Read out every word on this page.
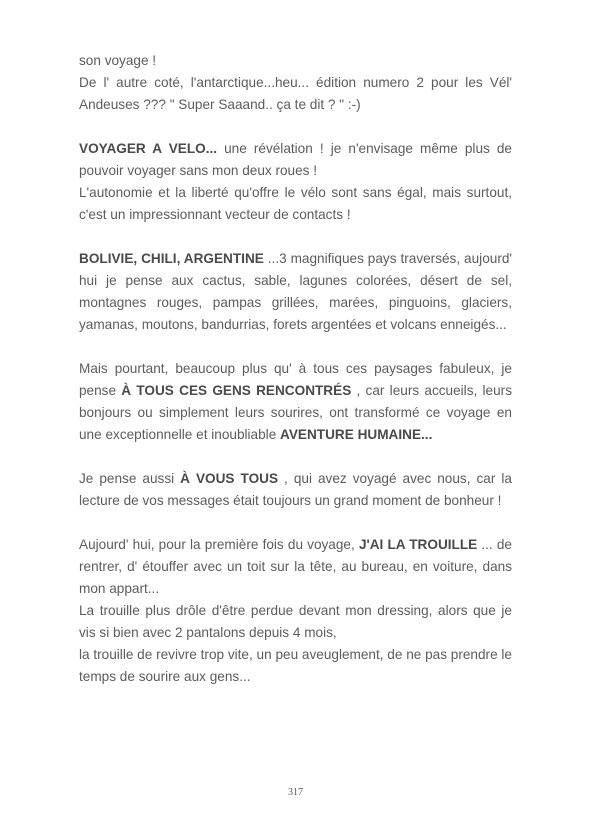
son voyage !

De l' autre coté, l'antarctique...heu... édition numero 2 pour les Vél' Andeuses ??? " Super Saaand.. ça te dit ? " :-)

VOYAGER A VELO... une révélation ! je n'envisage même plus de pouvoir voyager sans mon deux roues !

L'autonomie et la liberté qu'offre le vélo sont sans égal, mais surtout, c'est un impressionnant vecteur de contacts !

BOLIVIE, CHILI, ARGENTINE ...3 magnifiques pays traversés, aujourd' hui je pense aux cactus, sable, lagunes colorées, désert de sel, montagnes rouges, pampas grillées, marées, pinguoins, glaciers, yamanas, moutons, bandurrias, forets argentées et volcans enneigés...

Mais pourtant, beaucoup plus qu' à tous ces paysages fabuleux, je pense À TOUS CES GENS RENCONTRÉS , car leurs accueils, leurs bonjours ou simplement leurs sourires, ont transformé ce voyage en une exceptionnelle et inoubliable AVENTURE HUMAINE...

Je pense aussi À VOUS TOUS , qui avez voyagé avec nous, car la lecture de vos messages était toujours un grand moment de bonheur !

Aujourd' hui, pour la première fois du voyage, J'AI LA TROUILLE ... de rentrer, d' étouffer avec un toit sur la tête, au bureau, en voiture, dans mon appart...

La trouille plus drôle d'être perdue devant mon dressing, alors que je vis si bien avec 2 pantalons depuis 4 mois,

la trouille de revivre trop vite, un peu aveuglement, de ne pas prendre le temps de sourire aux gens...

317
